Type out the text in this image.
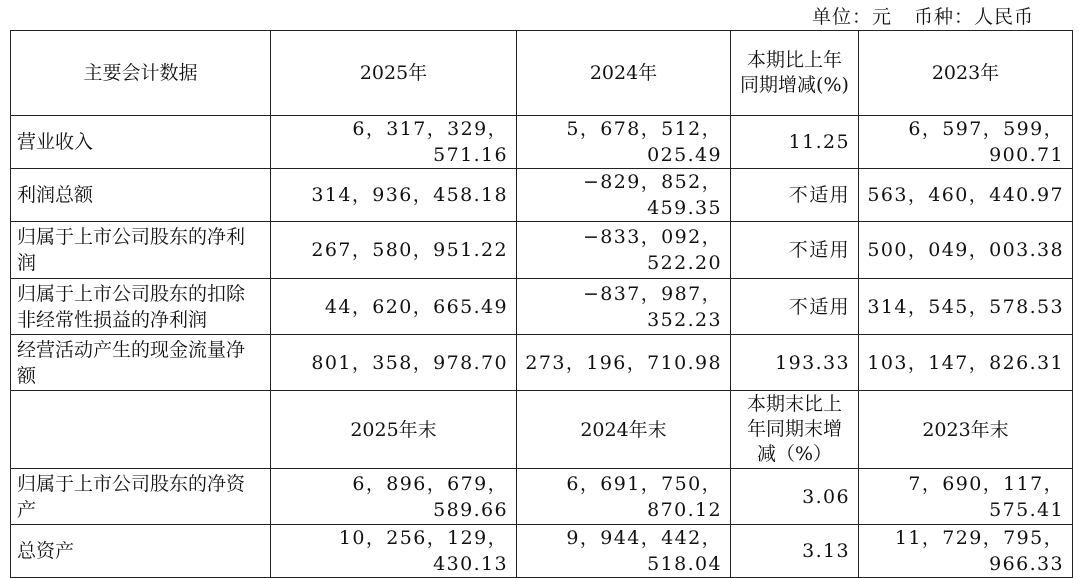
单位： 元 币种： 人民币
主要会计数据	2025年	2024年	本期比上年同期增减(%)	2023年
营业收入	6，317，329，571.16	5，678，512，025.49	11.25	6，597，599，900.71
利润总额	314，936，458.18	−829，852，459.35	不适用	563，460，440.97
归属于上市公司股东的净利润	267，580，951.22	−833，092，522.20	不适用	500，049，003.38
归属于上市公司股东的扣除非经常性损益的净利润	44，620，665.49	−837，987，352.23	不适用	314，545，578.53
经营活动产生的现金流量净额	801，358，978.70	273，196，710.98	193.33	103，147，826.31
	2025年末	2024年末	本期末比上年同期末增减（%）	2023年末
归属于上市公司股东的净资产	6，896，679，589.66	6，691，750，870.12	3.06	7，690，117，575.41
总资产	10，256，129，430.13	9，944，442，518.04	3.13	11，729，795，966.33
